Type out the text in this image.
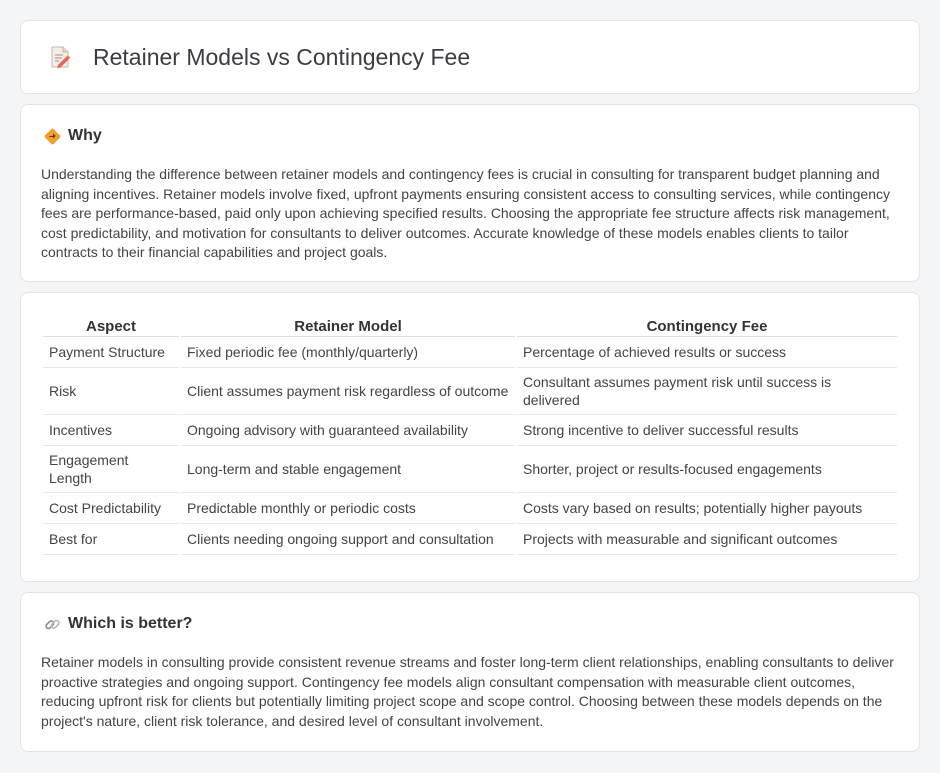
Retainer Models vs Contingency Fee
Why

Understanding the difference between retainer models and contingency fees is crucial in consulting for transparent budget planning and aligning incentives. Retainer models involve fixed, upfront payments ensuring consistent access to consulting services, while contingency fees are performance-based, paid only upon achieving specified results. Choosing the appropriate fee structure affects risk management, cost predictability, and motivation for consultants to deliver outcomes. Accurate knowledge of these models enables clients to tailor contracts to their financial capabilities and project goals.

Aspect	Retainer Model	Contingency Fee
Payment Structure	Fixed periodic fee (monthly/quarterly)	Percentage of achieved results or success
Risk	Client assumes payment risk regardless of outcome	Consultant assumes payment risk until success is delivered
Incentives	Ongoing advisory with guaranteed availability	Strong incentive to deliver successful results
Engagement Length	Long-term and stable engagement	Shorter, project or results-focused engagements
Cost Predictability	Predictable monthly or periodic costs	Costs vary based on results; potentially higher payouts
Best for	Clients needing ongoing support and consultation	Projects with measurable and significant outcomes
Which is better?

Retainer models in consulting provide consistent revenue streams and foster long-term client relationships, enabling consultants to deliver proactive strategies and ongoing support. Contingency fee models align consultant compensation with measurable client outcomes, reducing upfront risk for clients but potentially limiting project scope and scope control. Choosing between these models depends on the project's nature, client risk tolerance, and desired level of consultant involvement.
